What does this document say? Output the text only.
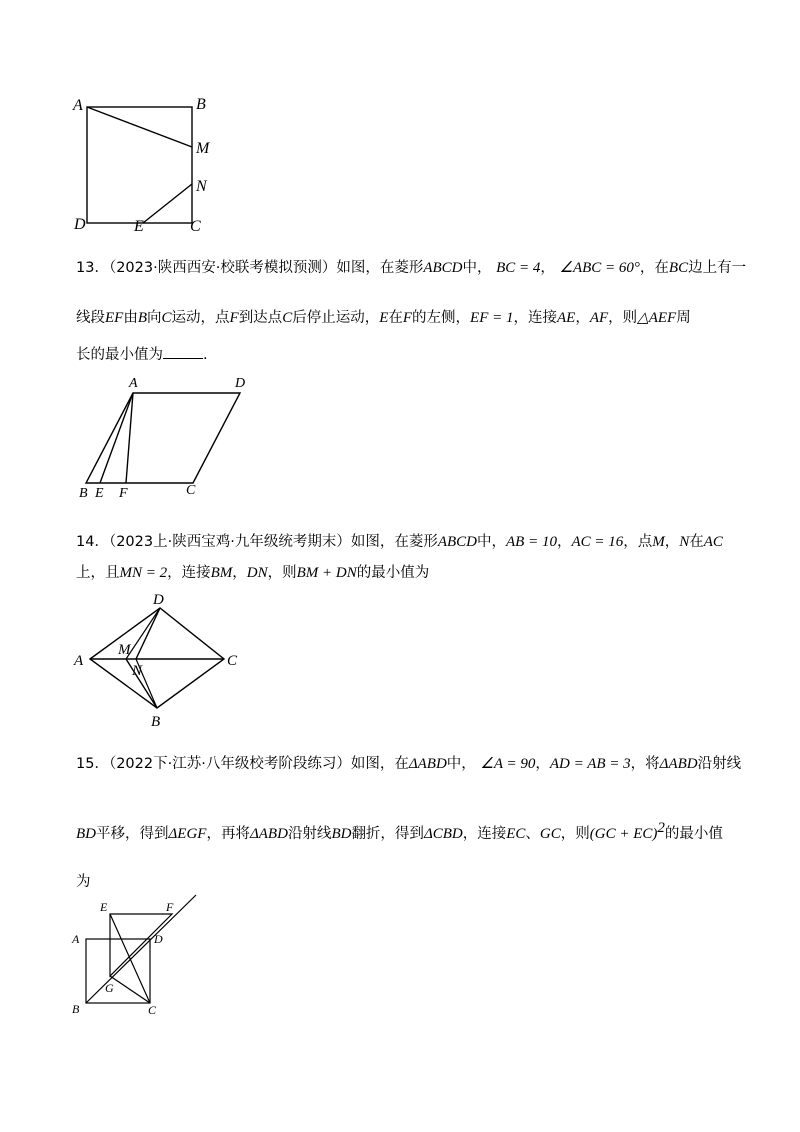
A	B
M
N
D	E	C
13．（2023·陕西西安·校联考模拟预测）如图，在菱形ABCD中， BC = 4， ∠ABC = 60°，在BC边上有一
线段EF由B向C运动，点F到达点C后停止运动，E在F的左侧，EF = 1，连接AE，AF，则△AEF周
长的最小值为	.
A	D
B E F	C
14．（2023上·陕西宝鸡·九年级统考期末）如图，在菱形ABCD中，AB = 10，AC = 16，点M，N在AC
上，且MN = 2，连接BM，DN，则BM + DN的最小值为
D
A
M
N
C
B
15．（2022下·江苏·八年级校考阶段练习）如图，在ΔABD中， ∠A = 90，AD = AB = 3，将ΔABD沿射线
BD平移，得到ΔEGF，再将ΔABD沿射线BD翻折，得到ΔCBD，连接EC、GC，则(GC + EC)$^2$的最小值
为
E	F
A	D
G
B	C
